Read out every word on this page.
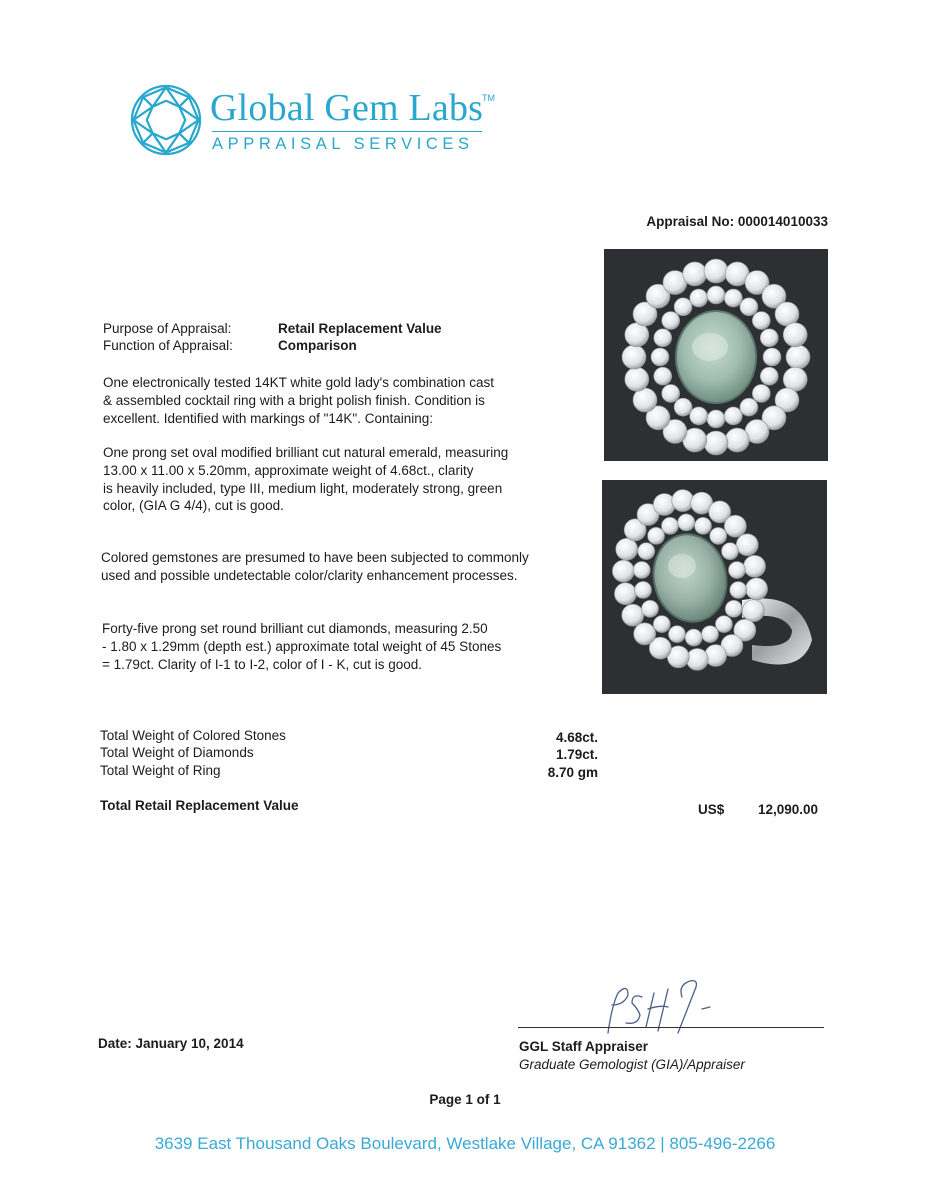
Global Gem Labs
TM
APPRAISAL SERVICES
Appraisal No: 000014010033
Purpose of Appraisal:	Retail Replacement Value
Function of Appraisal:	Comparison
One electronically tested 14KT white gold lady's combination cast
& assembled cocktail ring with a bright polish finish. Condition is
excellent. Identified with markings of "14K". Containing:
One prong set oval modified brilliant cut natural emerald, measuring
13.00 x 11.00 x 5.20mm, approximate weight of 4.68ct., clarity
is heavily included, type III, medium light, moderately strong, green
color, (GIA G 4/4), cut is good.
Colored gemstones are presumed to have been subjected to commonly
used and possible undetectable color/clarity enhancement processes.
Forty-five prong set round brilliant cut diamonds, measuring 2.50
- 1.80 x 1.29mm (depth est.) approximate total weight of 45 Stones
= 1.79ct. Clarity of I-1 to I-2, color of I - K, cut is good.
Total Weight of Colored Stones	4.68ct.
Total Weight of Diamonds	1.79ct.
Total Weight of Ring	8.70 gm
Total Retail Replacement Value	US$ 12,090.00
Date: January 10, 2014	GGL Staff Appraiser
Graduate Gemologist (GIA)/Appraiser
Page 1 of 1
3639 East Thousand Oaks Boulevard, Westlake Village, CA 91362 | 805-496-2266
